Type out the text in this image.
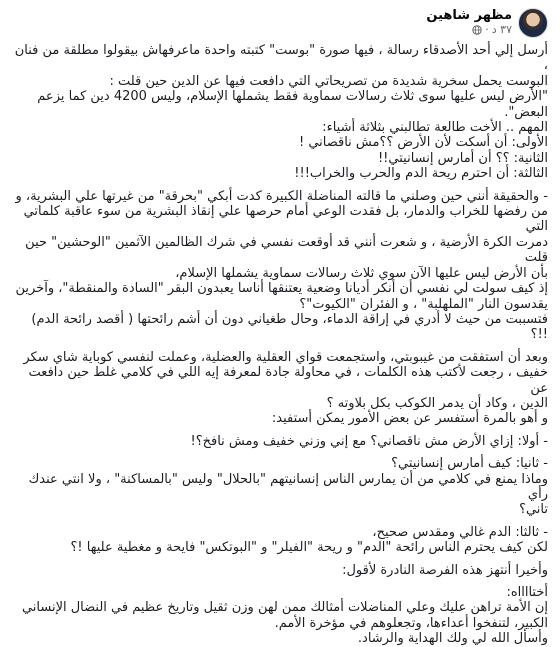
مظهر شاهين
٣٧ د
·

أرسل إلي أحد الأصدقاء رسالة ، فيها صورة "بوست" كتبته واحدة ماعرفهاش بيقولوا مطلقة من فنان ،
البوست يحمل سخرية شديدة من تصريحاتي التي دافعت فيها عن الدين حين قلت :
"الأرض ليس عليها سوى ثلاث رسالات سماوية فقط يشملها الإسلام، وليس 4200 دين كما يزعم البعض".
المهم .. الأخت طالعة تطالبني بثلاثة أشياء:
الأولى: أن أسكت لأن الأرض ؟؟مش ناقصاني !
الثانية: ؟؟ أن أمارس إنسانيتي!!
الثالثة: أن احترم ريحة الدم والحرب والخراب!!!

- والحقيقة أنني حين وصلني ما قالته المناضلة الكبيرة كدت أبكي "بحرقة" من غيرتها علي البشرية، و
من رفضها للخراب والدمار، بل فقدت الوعي أمام حرصها علي إنقاذ البشرية من سوء عاقبة كلماتي التي
دمرت الكرة الأرضية ، و شعرت أنني قد أوقعت نفسي في شرك الظالمين الآثمين "الوحشين" حين قلت
بأن الأرض ليس عليها الآن سوي ثلاث رسالات سماوية يشملها الإسلام،
إذ كيف سولت لي نفسي أن أنكر أديانا وضعية يعتنقها أناسا يعبدون البقر "السادة والمنقطة"، وآخرين
يقدسون النار "الملهلبة" ، و الفئران "الكيوت"؟
فتسببت من حيث لا أدري في إراقة الدماء، وحال طغياني دون أن أشم رائحتها ( أقصد رائحة الدم) !!؟

وبعد أن استفقت من غيبوبتي، واستجمعت قواي العقلية والعضلية، وعملت لنفسي كوباية شاي سكر
خفيف ، رجعت لأكتب هذه الكلمات ، في محاولة جادة لمعرفة إيه اللي في كلامي غلط حين دافعت عن
الدين ، وكاد أن يدمر الكوكب بكل بلاوته ؟
و أهو بالمرة أستفسر عن بعض الأمور يمكن أستفيد:

- أولا: إزاي الأرض مش ناقصاني؟ مع إني وزني خفيف ومش نافخ؟!

- ثانيا: كيف أمارس إنسانيتي؟
وماذا يمنع في كلامي من أن يمارس الناس إنسانيتهم "بالحلال" وليس "بالمساكنة" ، ولا انتي عندك رأي
تاني؟

- ثالثا: الدم غالي ومقدس صحيح،
لكن كيف يحترم الناس رائحة "الدم" و ريحة "الفيلر" و "البوتكس" فايحة و مغطية عليها !؟

وأخيرا أنتهز هذه الفرصة النادرة لأقول:

أختااااه:
إن الأمة تراهن عليك وعلي المناضلات أمثالك ممن لهن وزن ثقيل وتاريخ عظيم في النضال الإنساني
الكبير، لتنفخوا أعداءها، وتجعلوهم في مؤخرة الأمم.
وأسأل الله لي ولك الهداية والرشاد.
